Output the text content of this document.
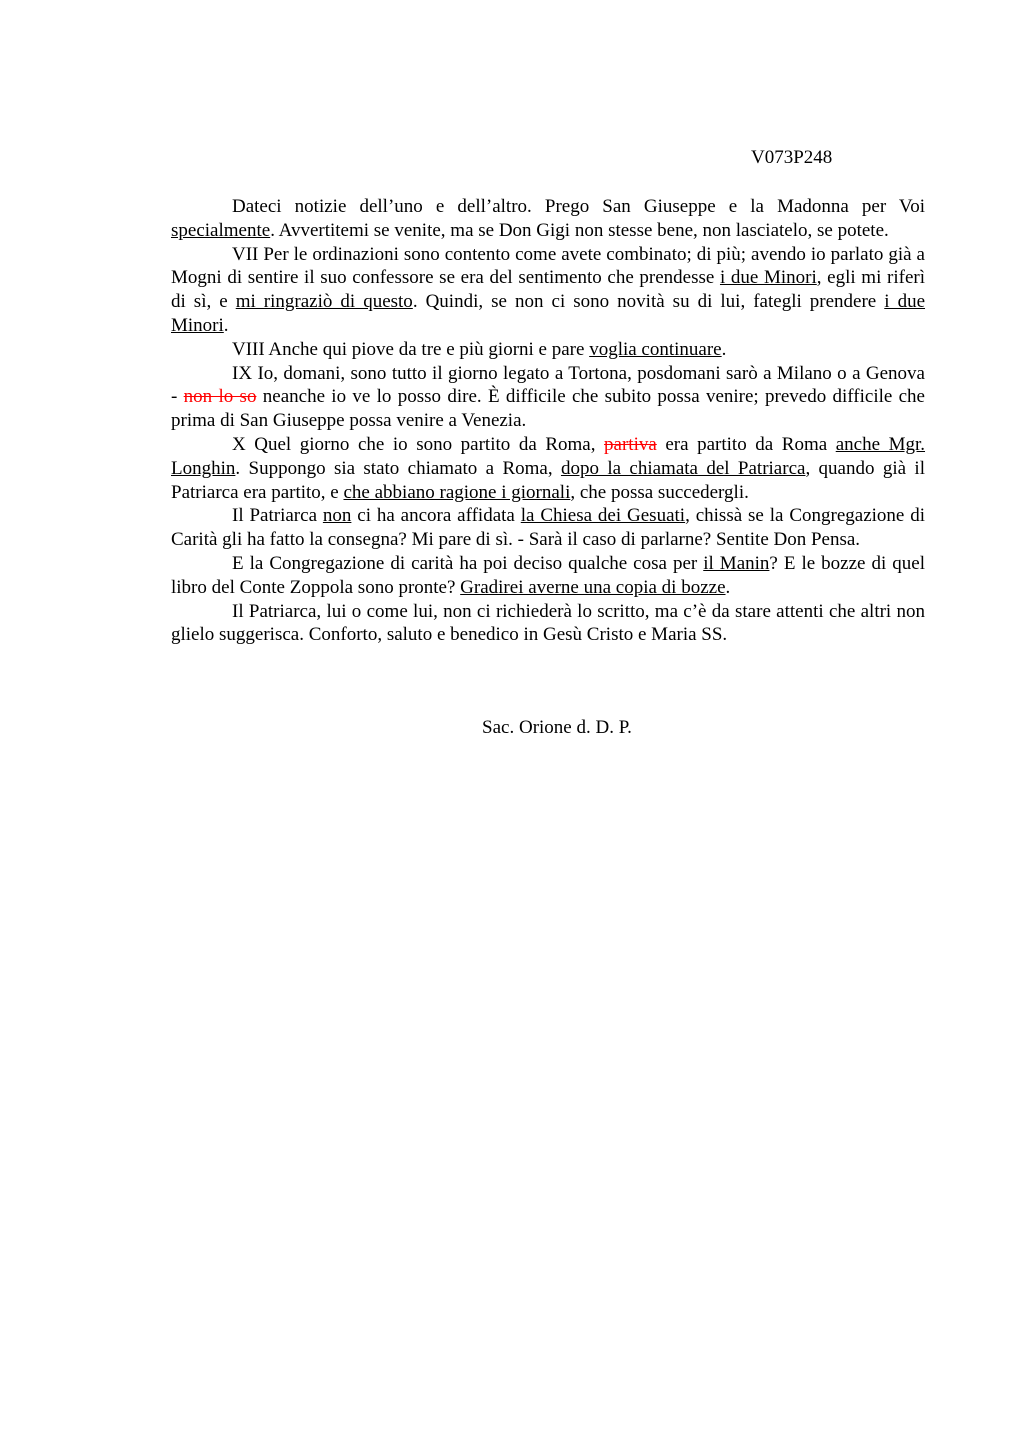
V073P248

Dateci notizie dell’uno e dell’altro. Prego San Giuseppe e la Madonna per Voi specialmente. Avvertitemi se venite, ma se Don Gigi non stesse bene, non lasciatelo, se potete.

VII Per le ordinazioni sono contento come avete combinato; di più; avendo io parlato già a Mogni di sentire il suo confessore se era del sentimento che prendesse i due Minori, egli mi riferì di sì, e mi ringraziò di questo. Quindi, se non ci sono novità su di lui, fategli prendere i due Minori.

VIII Anche qui piove da tre e più giorni e pare voglia continuare.

IX Io, domani, sono tutto il giorno legato a Tortona, posdomani sarò a Milano o a Genova - non lo so neanche io ve lo posso dire. È difficile che subito possa venire; prevedo difficile che prima di San Giuseppe possa venire a Venezia.

X Quel giorno che io sono partito da Roma, partiva era partito da Roma anche Mgr. Longhin. Suppongo sia stato chiamato a Roma, dopo la chiamata del Patriarca, quando già il Patriarca era partito, e che abbiano ragione i giornali, che possa succedergli.

Il Patriarca non ci ha ancora affidata la Chiesa dei Gesuati, chissà se la Congregazione di Carità gli ha fatto la consegna? Mi pare di sì. - Sarà il caso di parlarne? Sentite Don Pensa.

E la Congregazione di carità ha poi deciso qualche cosa per il Manin? E le bozze di quel libro del Conte Zoppola sono pronte? Gradirei averne una copia di bozze.

Il Patriarca, lui o come lui, non ci richiederà lo scritto, ma c’è da stare attenti che altri non glielo suggerisca. Conforto, saluto e benedico in Gesù Cristo e Maria SS.

Sac. Orione d. D. P.
